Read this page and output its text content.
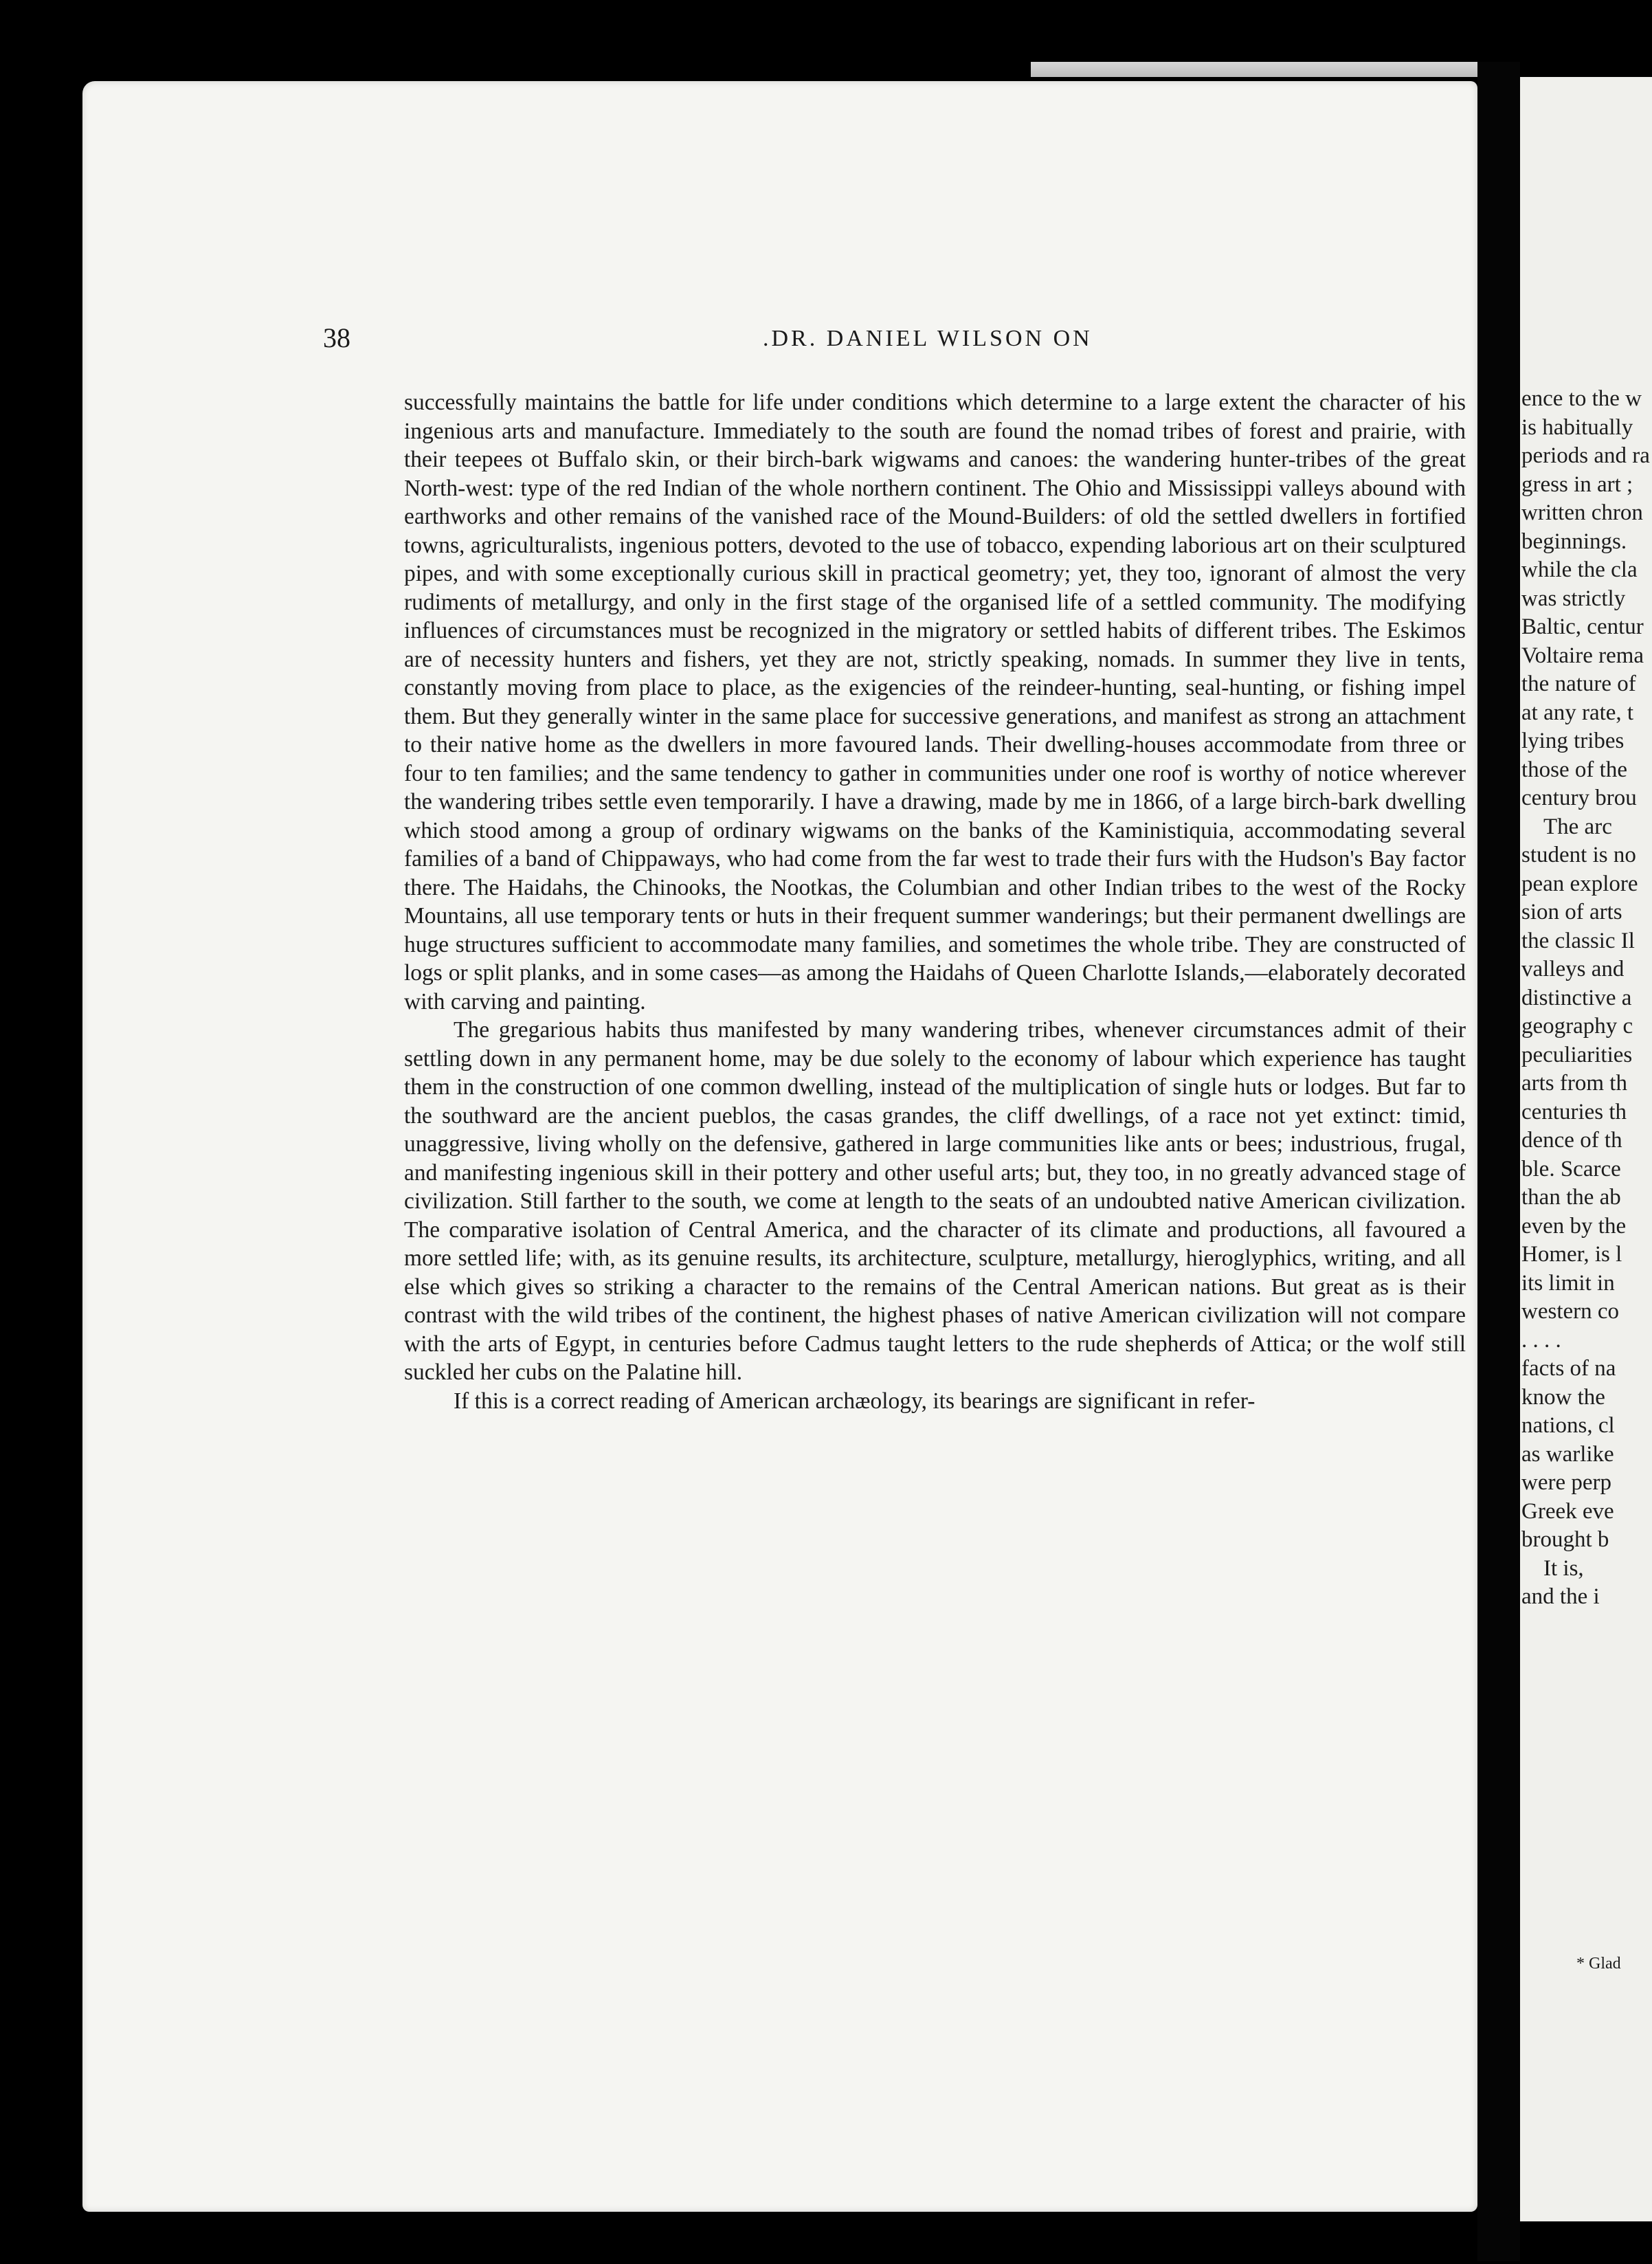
38	.DR. DANIEL WILSON ON

successfully maintains the battle for life under conditions which determine to a large extent the character of his ingenious arts and manufacture. Immediately to the south are found the nomad tribes of forest and prairie, with their teepees ot Buffalo skin, or their birch-bark wigwams and canoes: the wandering hunter-tribes of the great North-west: type of the red Indian of the whole northern continent. The Ohio and Mississippi valleys abound with earthworks and other remains of the vanished race of the Mound-Builders: of old the settled dwellers in fortified towns, agriculturalists, ingenious potters, devoted to the use of tobacco, expending laborious art on their sculptured pipes, and with some exceptionally curious skill in practical geometry; yet, they too, ignorant of almost the very rudiments of metallurgy, and only in the first stage of the organised life of a settled community. The modifying influences of circumstances must be recognized in the migratory or settled habits of different tribes. The Eskimos are of necessity hunters and fishers, yet they are not, strictly speaking, nomads. In summer they live in tents, constantly moving from place to place, as the exigencies of the reindeer-hunting, seal-hunting, or fishing impel them. But they generally winter in the same place for successive generations, and manifest as strong an attachment to their native home as the dwellers in more favoured lands. Their dwelling-houses accommodate from three or four to ten families; and the same tendency to gather in communities under one roof is worthy of notice wherever the wandering tribes settle even temporarily. I have a drawing, made by me in 1866, of a large birch-bark dwelling which stood among a group of ordinary wigwams on the banks of the Kaministiquia, accommodating several families of a band of Chippaways, who had come from the far west to trade their furs with the Hudson's Bay factor there. The Haidahs, the Chinooks, the Nootkas, the Columbian and other Indian tribes to the west of the Rocky Mountains, all use temporary tents or huts in their frequent summer wanderings; but their permanent dwellings are huge structures sufficient to accommodate many families, and sometimes the whole tribe. They are constructed of logs or split planks, and in some cases—as among the Haidahs of Queen Charlotte Islands,—elaborately decorated with carving and painting.

The gregarious habits thus manifested by many wandering tribes, whenever circumstances admit of their settling down in any permanent home, may be due solely to the economy of labour which experience has taught them in the construction of one common dwelling, instead of the multiplication of single huts or lodges. But far to the southward are the ancient pueblos, the casas grandes, the cliff dwellings, of a race not yet extinct: timid, unaggressive, living wholly on the defensive, gathered in large communities like ants or bees; industrious, frugal, and manifesting ingenious skill in their pottery and other useful arts; but, they too, in no greatly advanced stage of civilization. Still farther to the south, we come at length to the seats of an undoubted native American civilization. The comparative isolation of Central America, and the character of its climate and productions, all favoured a more settled life; with, as its genuine results, its architecture, sculpture, metallurgy, hieroglyphics, writing, and all else which gives so striking a character to the remains of the Central American nations. But great as is their contrast with the wild tribes of the continent, the highest phases of native American civilization will not compare with the arts of Egypt, in centuries before Cadmus taught letters to the rude shepherds of Attica; or the wolf still suckled her cubs on the Palatine hill.

If this is a correct reading of American archæology, its bearings are significant in refer-

ence to the w
is habitually
periods and ra
gress in art ;
written chron
beginnings.
while the cla
was strictly
Baltic, centur
Voltaire rema
the nature of
at any rate, t
lying tribes
those of the
century brou
The arc
student is no
pean explore
sion of arts
the classic Il
valleys and
distinctive a
geography c
peculiarities
arts from th
centuries th
dence of th
ble. Scarce
than the ab
even by the
Homer, is l
its limit in
western co
. . . .
facts of na
know the
nations, cl
as warlike
were perp
Greek eve
brought b
It is,
and the i
* Glad
